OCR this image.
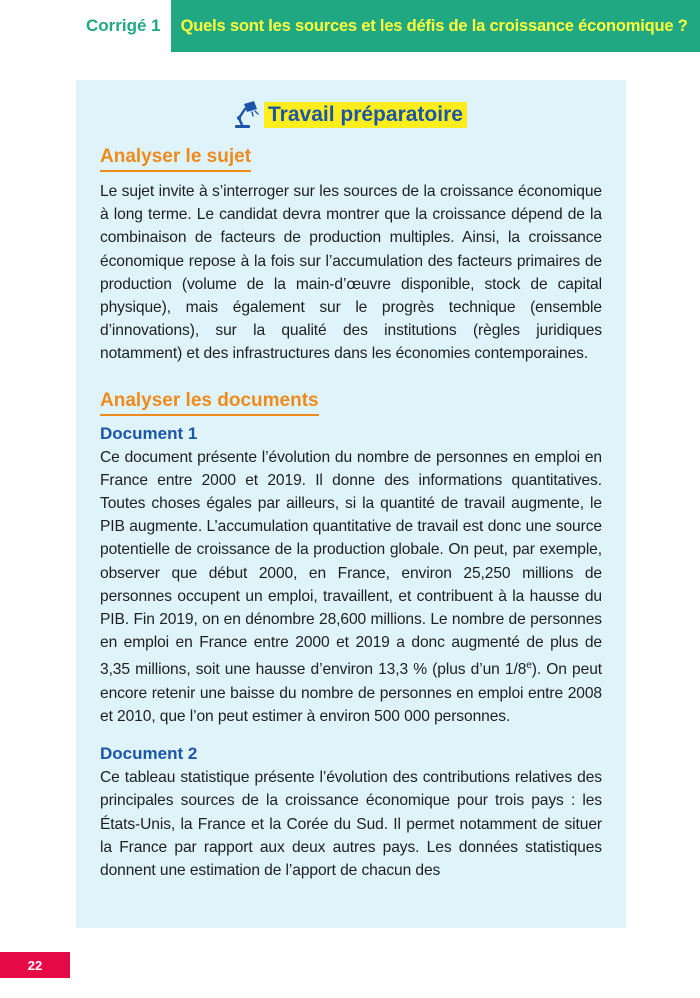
Corrigé 1 Quels sont les sources et les défis de la croissance économique ?
Travail préparatoire
Analyser le sujet

Le sujet invite à s’interroger sur les sources de la croissance économique à long terme. Le candidat devra montrer que la croissance dépend de la combinaison de facteurs de production multiples. Ainsi, la croissance économique repose à la fois sur l’accumulation des facteurs primaires de production (volume de la main-d’œuvre disponible, stock de capital physique), mais également sur le progrès technique (ensemble d’innovations), sur la qualité des institutions (règles juridiques notamment) et des infrastructures dans les économies contemporaines.

Analyser les documents
Document 1

Ce document présente l’évolution du nombre de personnes en emploi en France entre 2000 et 2019. Il donne des informations quantitatives. Toutes choses égales par ailleurs, si la quantité de travail augmente, le PIB augmente. L’accumulation quantitative de travail est donc une source potentielle de croissance de la production globale. On peut, par exemple, observer que début 2000, en France, environ 25,250 millions de personnes occupent un emploi, travaillent, et contribuent à la hausse du PIB. Fin 2019, on en dénombre 28,600 millions. Le nombre de personnes en emploi en France entre 2000 et 2019 a donc augmenté de plus de 3,35 millions, soit une hausse d’environ 13,3 % (plus d’un 1/8e). On peut encore retenir une baisse du nombre de personnes en emploi entre 2008 et 2010, que l’on peut estimer à environ 500 000 personnes.

Document 2

Ce tableau statistique présente l’évolution des contributions relatives des principales sources de la croissance économique pour trois pays : les États-Unis, la France et la Corée du Sud. Il permet notamment de situer la France par rapport aux deux autres pays. Les données statistiques donnent une estimation de l’apport de chacun des

22
